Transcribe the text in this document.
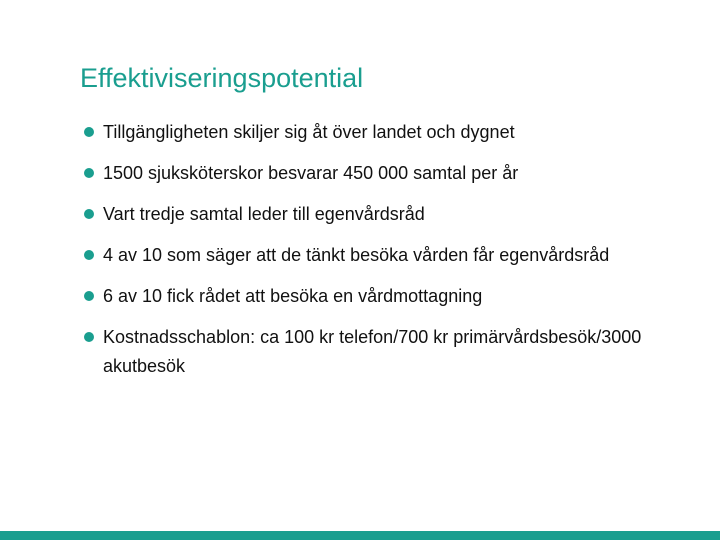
Effektiviseringspotential
Tillgängligheten skiljer sig åt över landet och dygnet
1500 sjuksköterskor besvarar 450 000 samtal per år
Vart tredje samtal leder till egenvårdsråd
4 av 10 som säger att de tänkt besöka vården får egenvårdsråd
6 av 10 fick rådet att besöka en vårdmottagning
Kostnadsschablon: ca 100 kr telefon/700 kr primärvårdsbesök/3000 akutbesök
